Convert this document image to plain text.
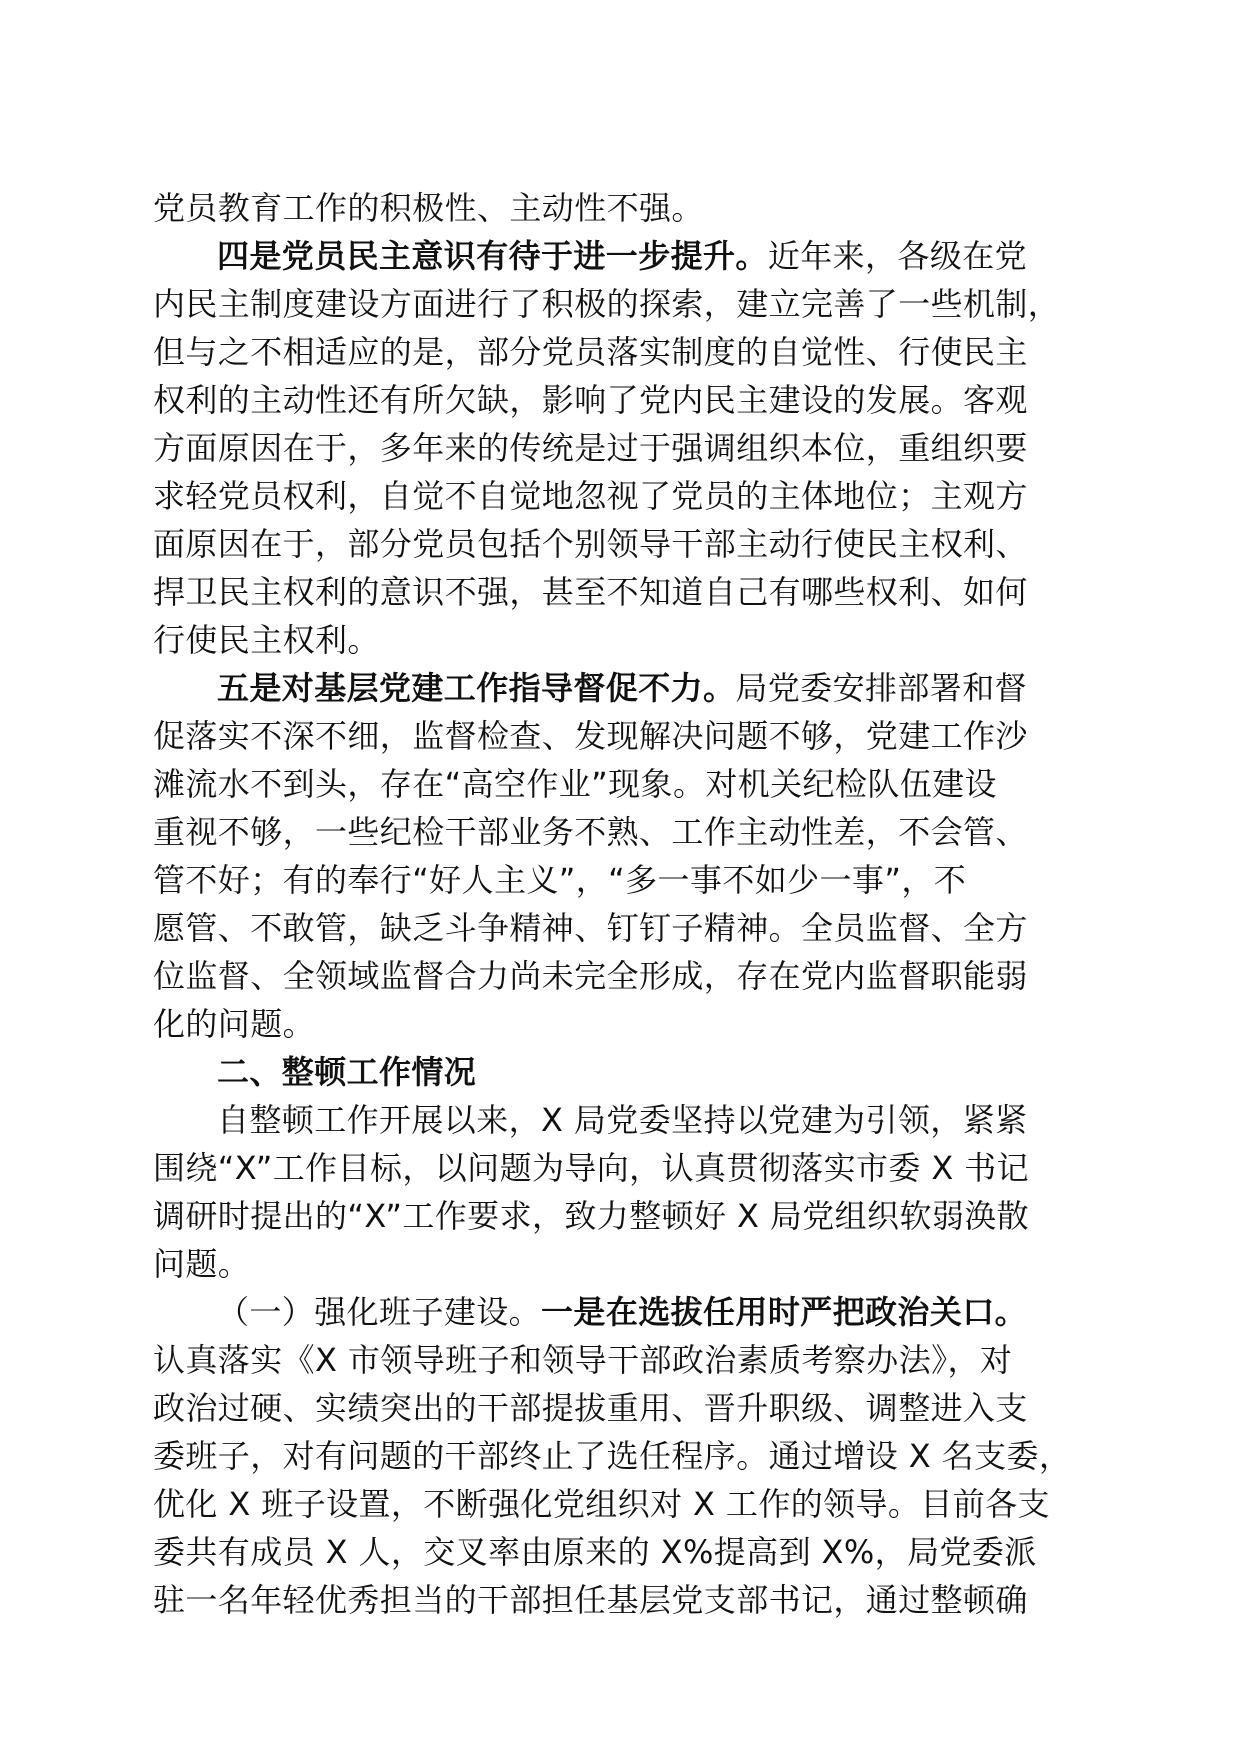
党员教育工作的积极性、主动性不强。
四是党员民主意识有待于进一步提升。近年来，各级在党
内民主制度建设方面进行了积极的探索，建立完善了一些机制，
但与之不相适应的是，部分党员落实制度的自觉性、行使民主
权利的主动性还有所欠缺，影响了党内民主建设的发展。客观
方面原因在于，多年来的传统是过于强调组织本位，重组织要
求轻党员权利，自觉不自觉地忽视了党员的主体地位；主观方
面原因在于，部分党员包括个别领导干部主动行使民主权利、
捍卫民主权利的意识不强，甚至不知道自己有哪些权利、如何
行使民主权利。
五是对基层党建工作指导督促不力。局党委安排部署和督
促落实不深不细，监督检查、发现解决问题不够，党建工作沙
滩流水不到头，存在“高空作业”现象。对机关纪检队伍建设
重视不够，一些纪检干部业务不熟、工作主动性差，不会管、
管不好；有的奉行“好人主义”，“多一事不如少一事”，不
愿管、不敢管，缺乏斗争精神、钉钉子精神。全员监督、全方
位监督、全领域监督合力尚未完全形成，存在党内监督职能弱
化的问题。
二、整顿工作情况
自整顿工作开展以来，X 局党委坚持以党建为引领，紧紧
围绕“X”工作目标，以问题为导向，认真贯彻落实市委 X 书记
调研时提出的“X”工作要求，致力整顿好 X 局党组织软弱涣散
问题。
（一）强化班子建设。一是在选拔任用时严把政治关口。
认真落实《X 市领导班子和领导干部政治素质考察办法》，对
政治过硬、实绩突出的干部提拔重用、晋升职级、调整进入支
委班子，对有问题的干部终止了选任程序。通过增设 X 名支委，
优化 X 班子设置，不断强化党组织对 X 工作的领导。目前各支
委共有成员 X 人，交叉率由原来的 X%提高到 X%，局党委派
驻一名年轻优秀担当的干部担任基层党支部书记，通过整顿确
